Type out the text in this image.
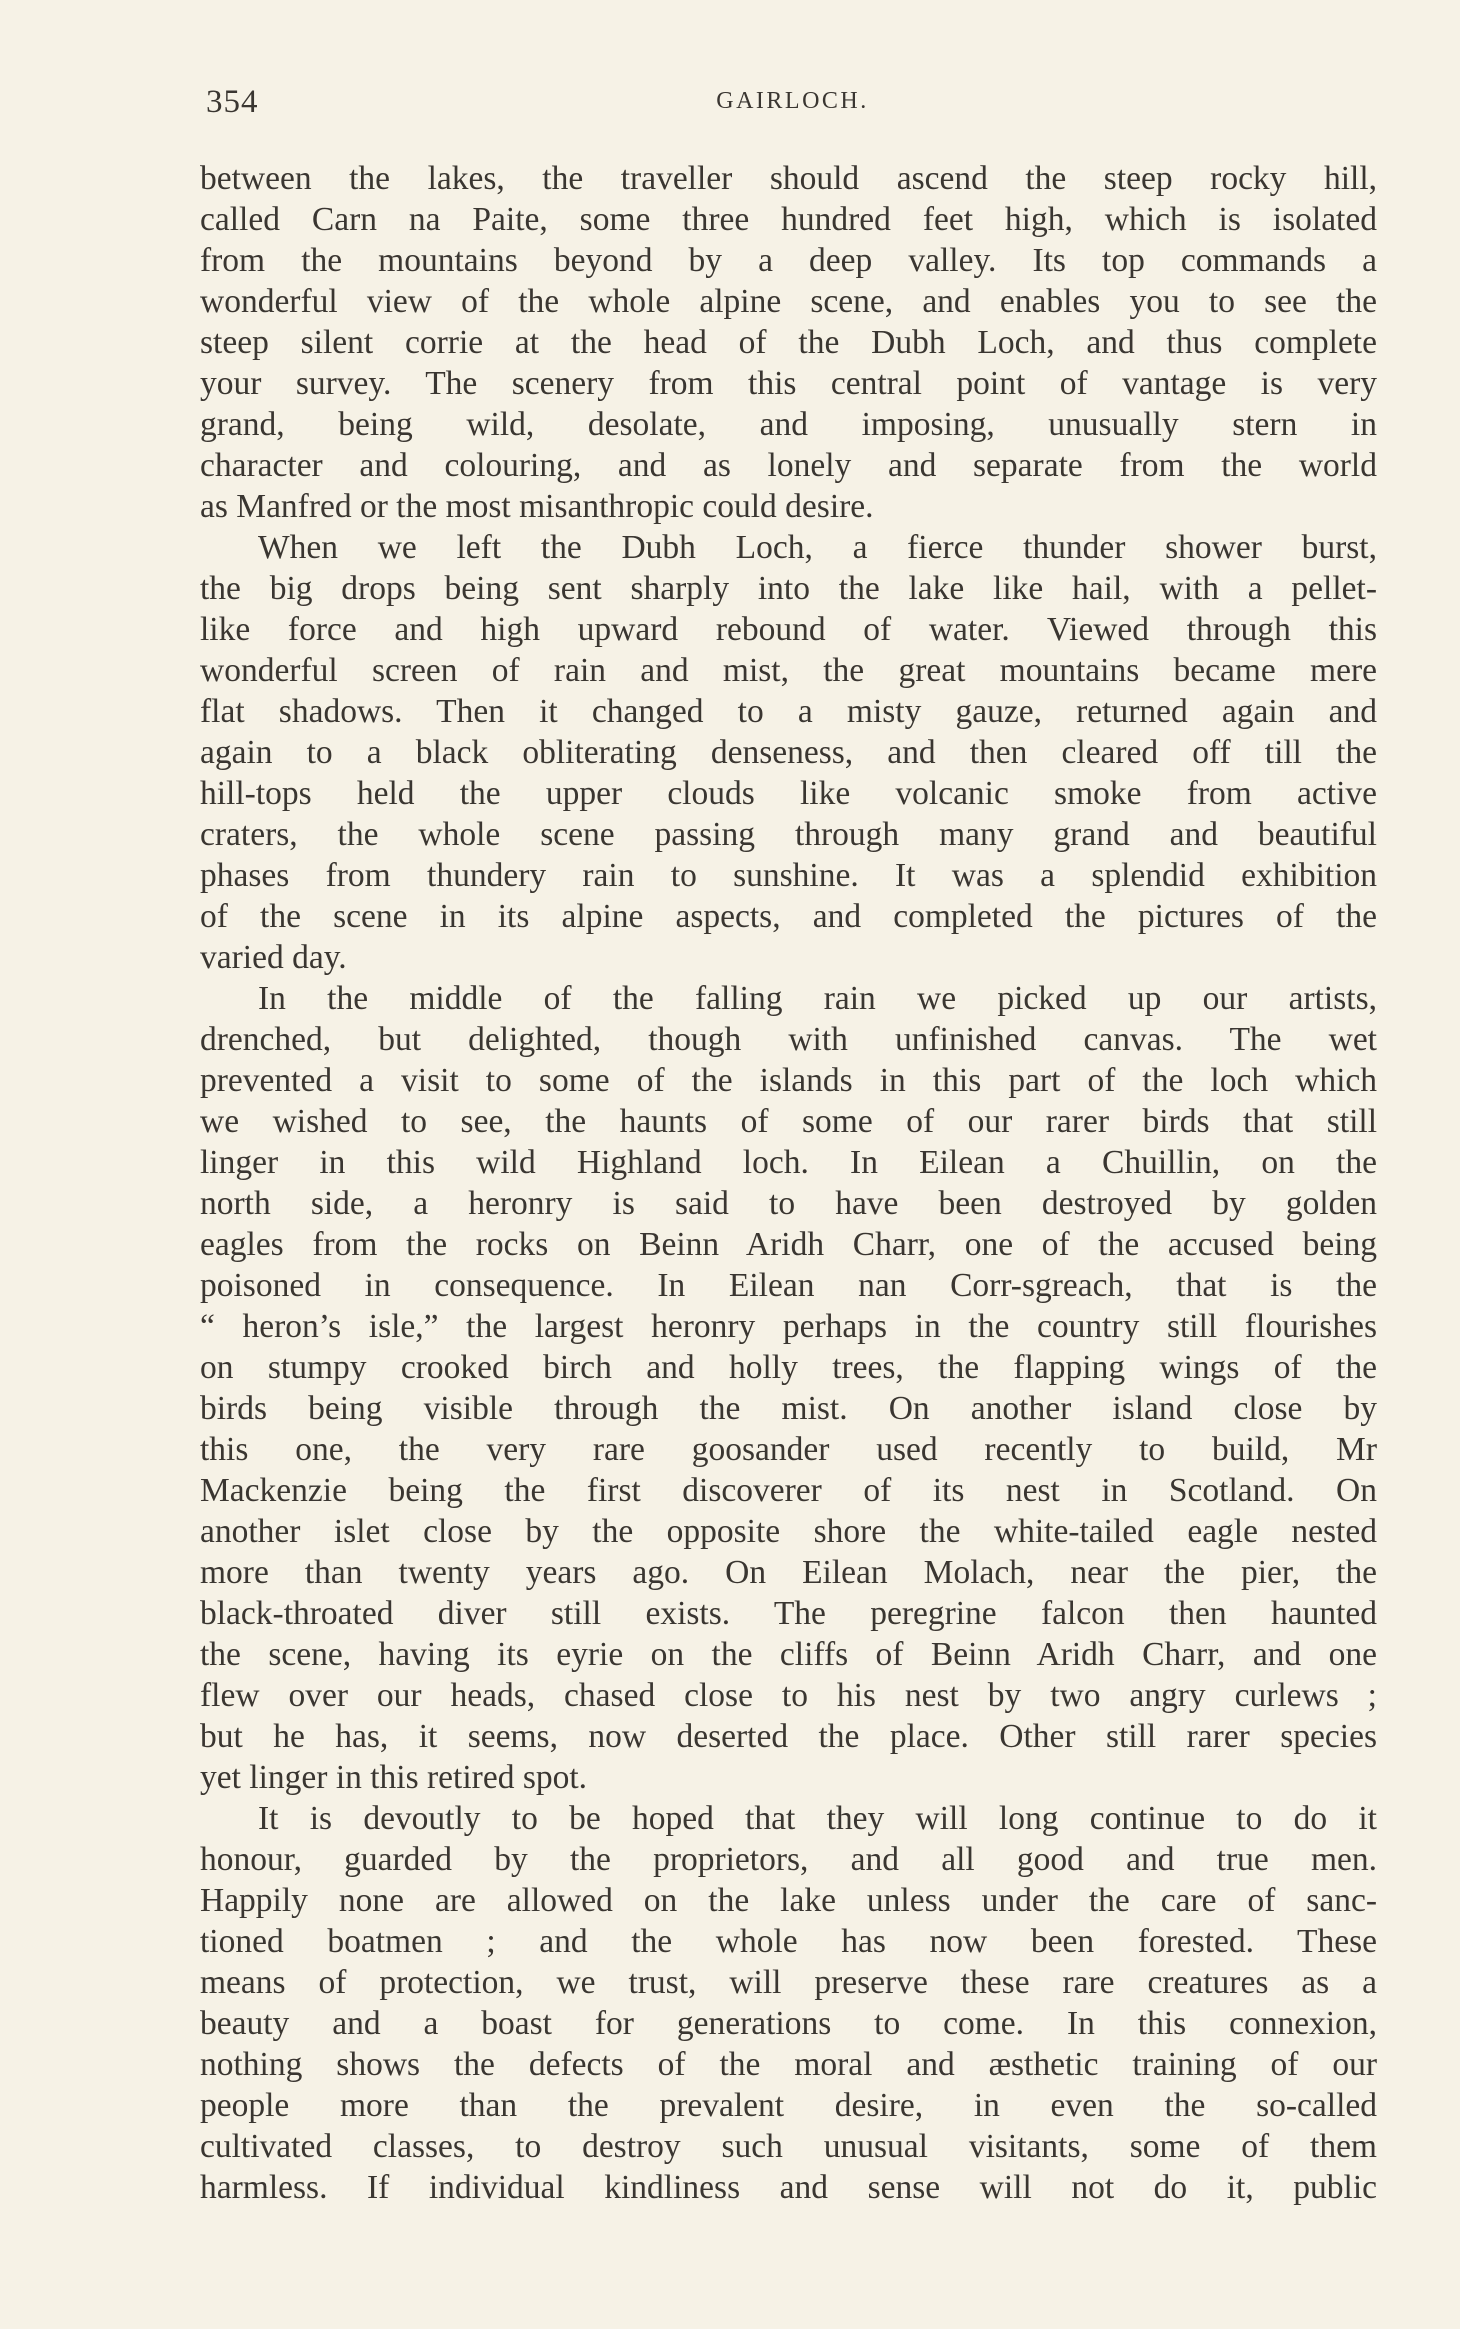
354	GAIRLOCH.
between the lakes, the traveller should ascend the steep rocky hill,
called Carn na Paite, some three hundred feet high, which is isolated
from the mountains beyond by a deep valley. Its top commands a
wonderful view of the whole alpine scene, and enables you to see the
steep silent corrie at the head of the Dubh Loch, and thus complete
your survey. The scenery from this central point of vantage is very
grand, being wild, desolate, and imposing, unusually stern in
character and colouring, and as lonely and separate from the world
as Manfred or the most misanthropic could desire.
When we left the Dubh Loch, a fierce thunder shower burst,
the big drops being sent sharply into the lake like hail, with a pellet-
like force and high upward rebound of water. Viewed through this
wonderful screen of rain and mist, the great mountains became mere
flat shadows. Then it changed to a misty gauze, returned again and
again to a black obliterating denseness, and then cleared off till the
hill-tops held the upper clouds like volcanic smoke from active
craters, the whole scene passing through many grand and beautiful
phases from thundery rain to sunshine. It was a splendid exhibition
of the scene in its alpine aspects, and completed the pictures of the
varied day.
In the middle of the falling rain we picked up our artists,
drenched, but delighted, though with unfinished canvas. The wet
prevented a visit to some of the islands in this part of the loch which
we wished to see, the haunts of some of our rarer birds that still
linger in this wild Highland loch. In Eilean a Chuillin, on the
north side, a heronry is said to have been destroyed by golden
eagles from the rocks on Beinn Aridh Charr, one of the accused being
poisoned in consequence. In Eilean nan Corr-sgreach, that is the
“ heron’s isle,” the largest heronry perhaps in the country still flourishes
on stumpy crooked birch and holly trees, the flapping wings of the
birds being visible through the mist. On another island close by
this one, the very rare goosander used recently to build, Mr
Mackenzie being the first discoverer of its nest in Scotland. On
another islet close by the opposite shore the white-tailed eagle nested
more than twenty years ago. On Eilean Molach, near the pier, the
black-throated diver still exists. The peregrine falcon then haunted
the scene, having its eyrie on the cliffs of Beinn Aridh Charr, and one
flew over our heads, chased close to his nest by two angry curlews ;
but he has, it seems, now deserted the place. Other still rarer species
yet linger in this retired spot.
It is devoutly to be hoped that they will long continue to do it
honour, guarded by the proprietors, and all good and true men.
Happily none are allowed on the lake unless under the care of sanc-
tioned boatmen ; and the whole has now been forested. These
means of protection, we trust, will preserve these rare creatures as a
beauty and a boast for generations to come. In this connexion,
nothing shows the defects of the moral and æsthetic training of our
people more than the prevalent desire, in even the so-called
cultivated classes, to destroy such unusual visitants, some of them
harmless. If individual kindliness and sense will not do it, public
